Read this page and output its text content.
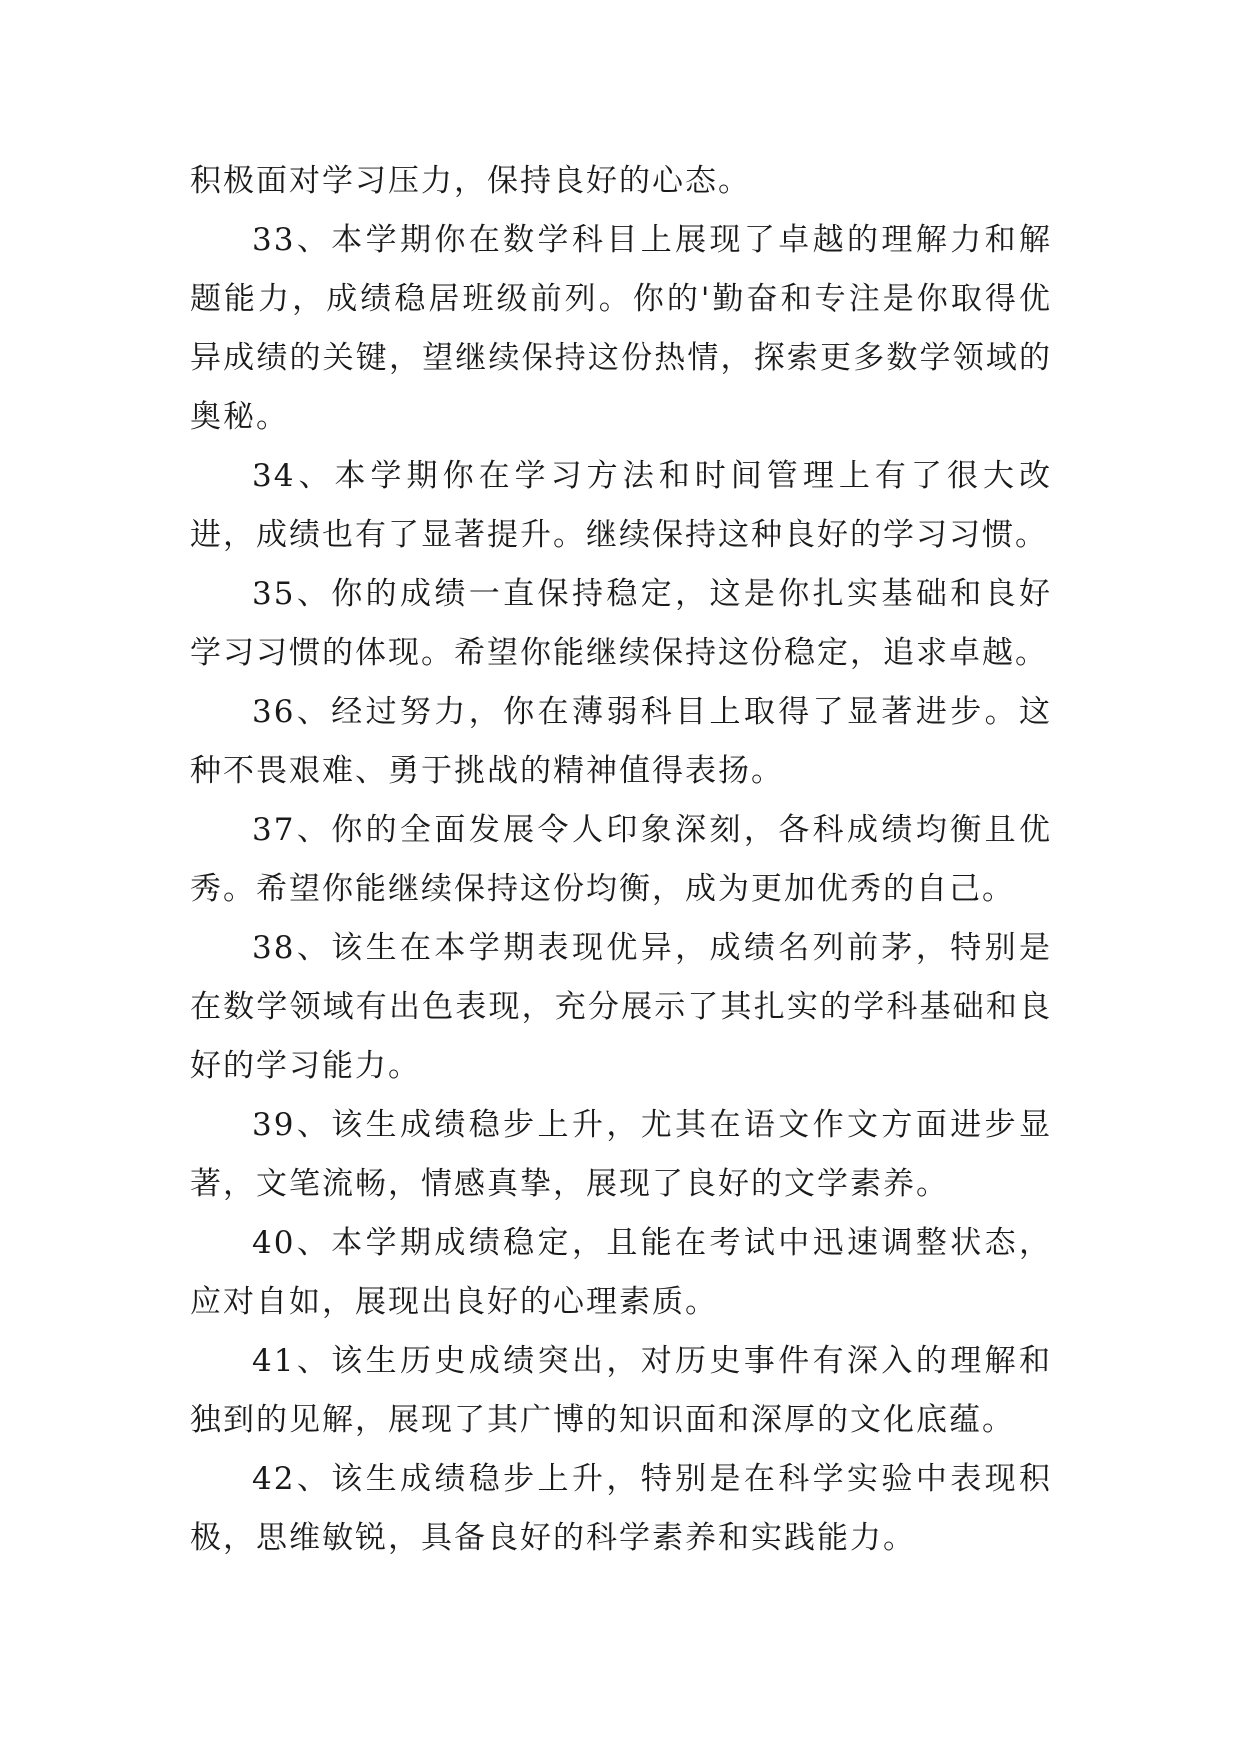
积极面对学习压力，保持良好的心态。

33、本学期你在数学科目上展现了卓越的理解力和解题能力，成绩稳居班级前列。你的'勤奋和专注是你取得优异成绩的关键，望继续保持这份热情，探索更多数学领域的奥秘。

34、本学期你在学习方法和时间管理上有了很大改进，成绩也有了显著提升。继续保持这种良好的学习习惯。

35、你的成绩一直保持稳定，这是你扎实基础和良好学习习惯的体现。希望你能继续保持这份稳定，追求卓越。

36、经过努力，你在薄弱科目上取得了显著进步。这种不畏艰难、勇于挑战的精神值得表扬。

37、你的全面发展令人印象深刻，各科成绩均衡且优秀。希望你能继续保持这份均衡，成为更加优秀的自己。

38、该生在本学期表现优异，成绩名列前茅，特别是在数学领域有出色表现，充分展示了其扎实的学科基础和良好的学习能力。

39、该生成绩稳步上升，尤其在语文作文方面进步显著，文笔流畅，情感真挚，展现了良好的文学素养。

40、本学期成绩稳定，且能在考试中迅速调整状态，应对自如，展现出良好的心理素质。

41、该生历史成绩突出，对历史事件有深入的理解和独到的见解，展现了其广博的知识面和深厚的文化底蕴。

42、该生成绩稳步上升，特别是在科学实验中表现积极，思维敏锐，具备良好的科学素养和实践能力。
